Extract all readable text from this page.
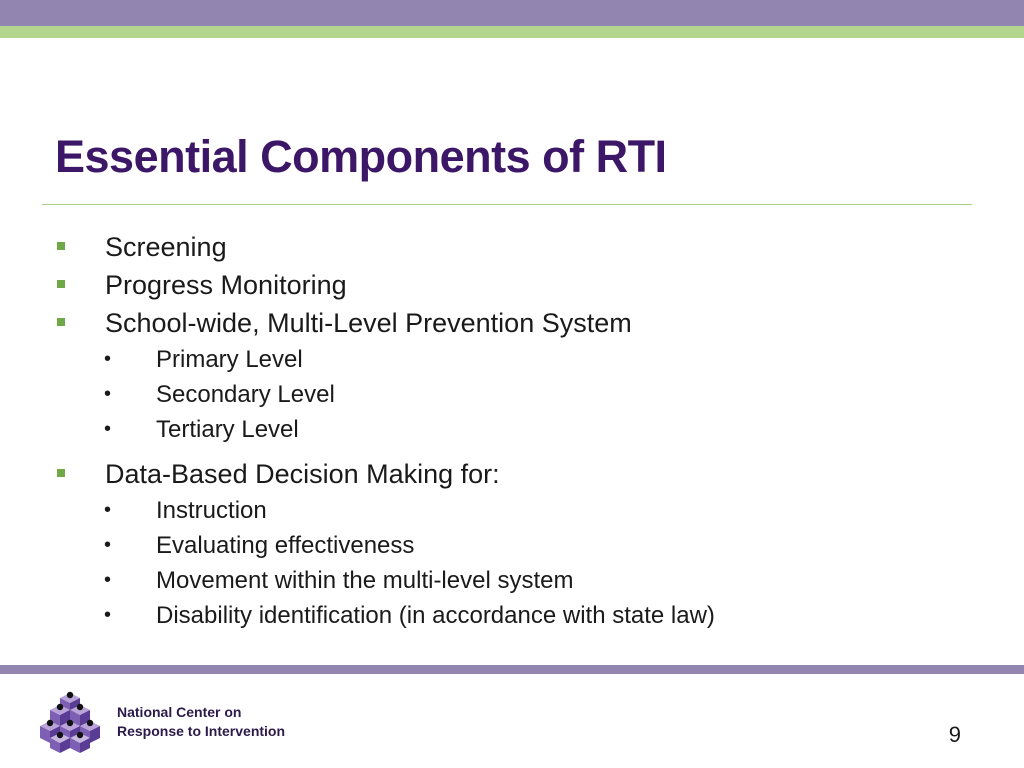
Essential Components of RTI
Screening
Progress Monitoring
School-wide, Multi-Level Prevention System
• Primary Level
• Secondary Level
• Tertiary Level
Data-Based Decision Making for:
• Instruction
• Evaluating effectiveness
• Movement within the multi-level system
• Disability identification (in accordance with state law)
National Center on
Response to Intervention	9
